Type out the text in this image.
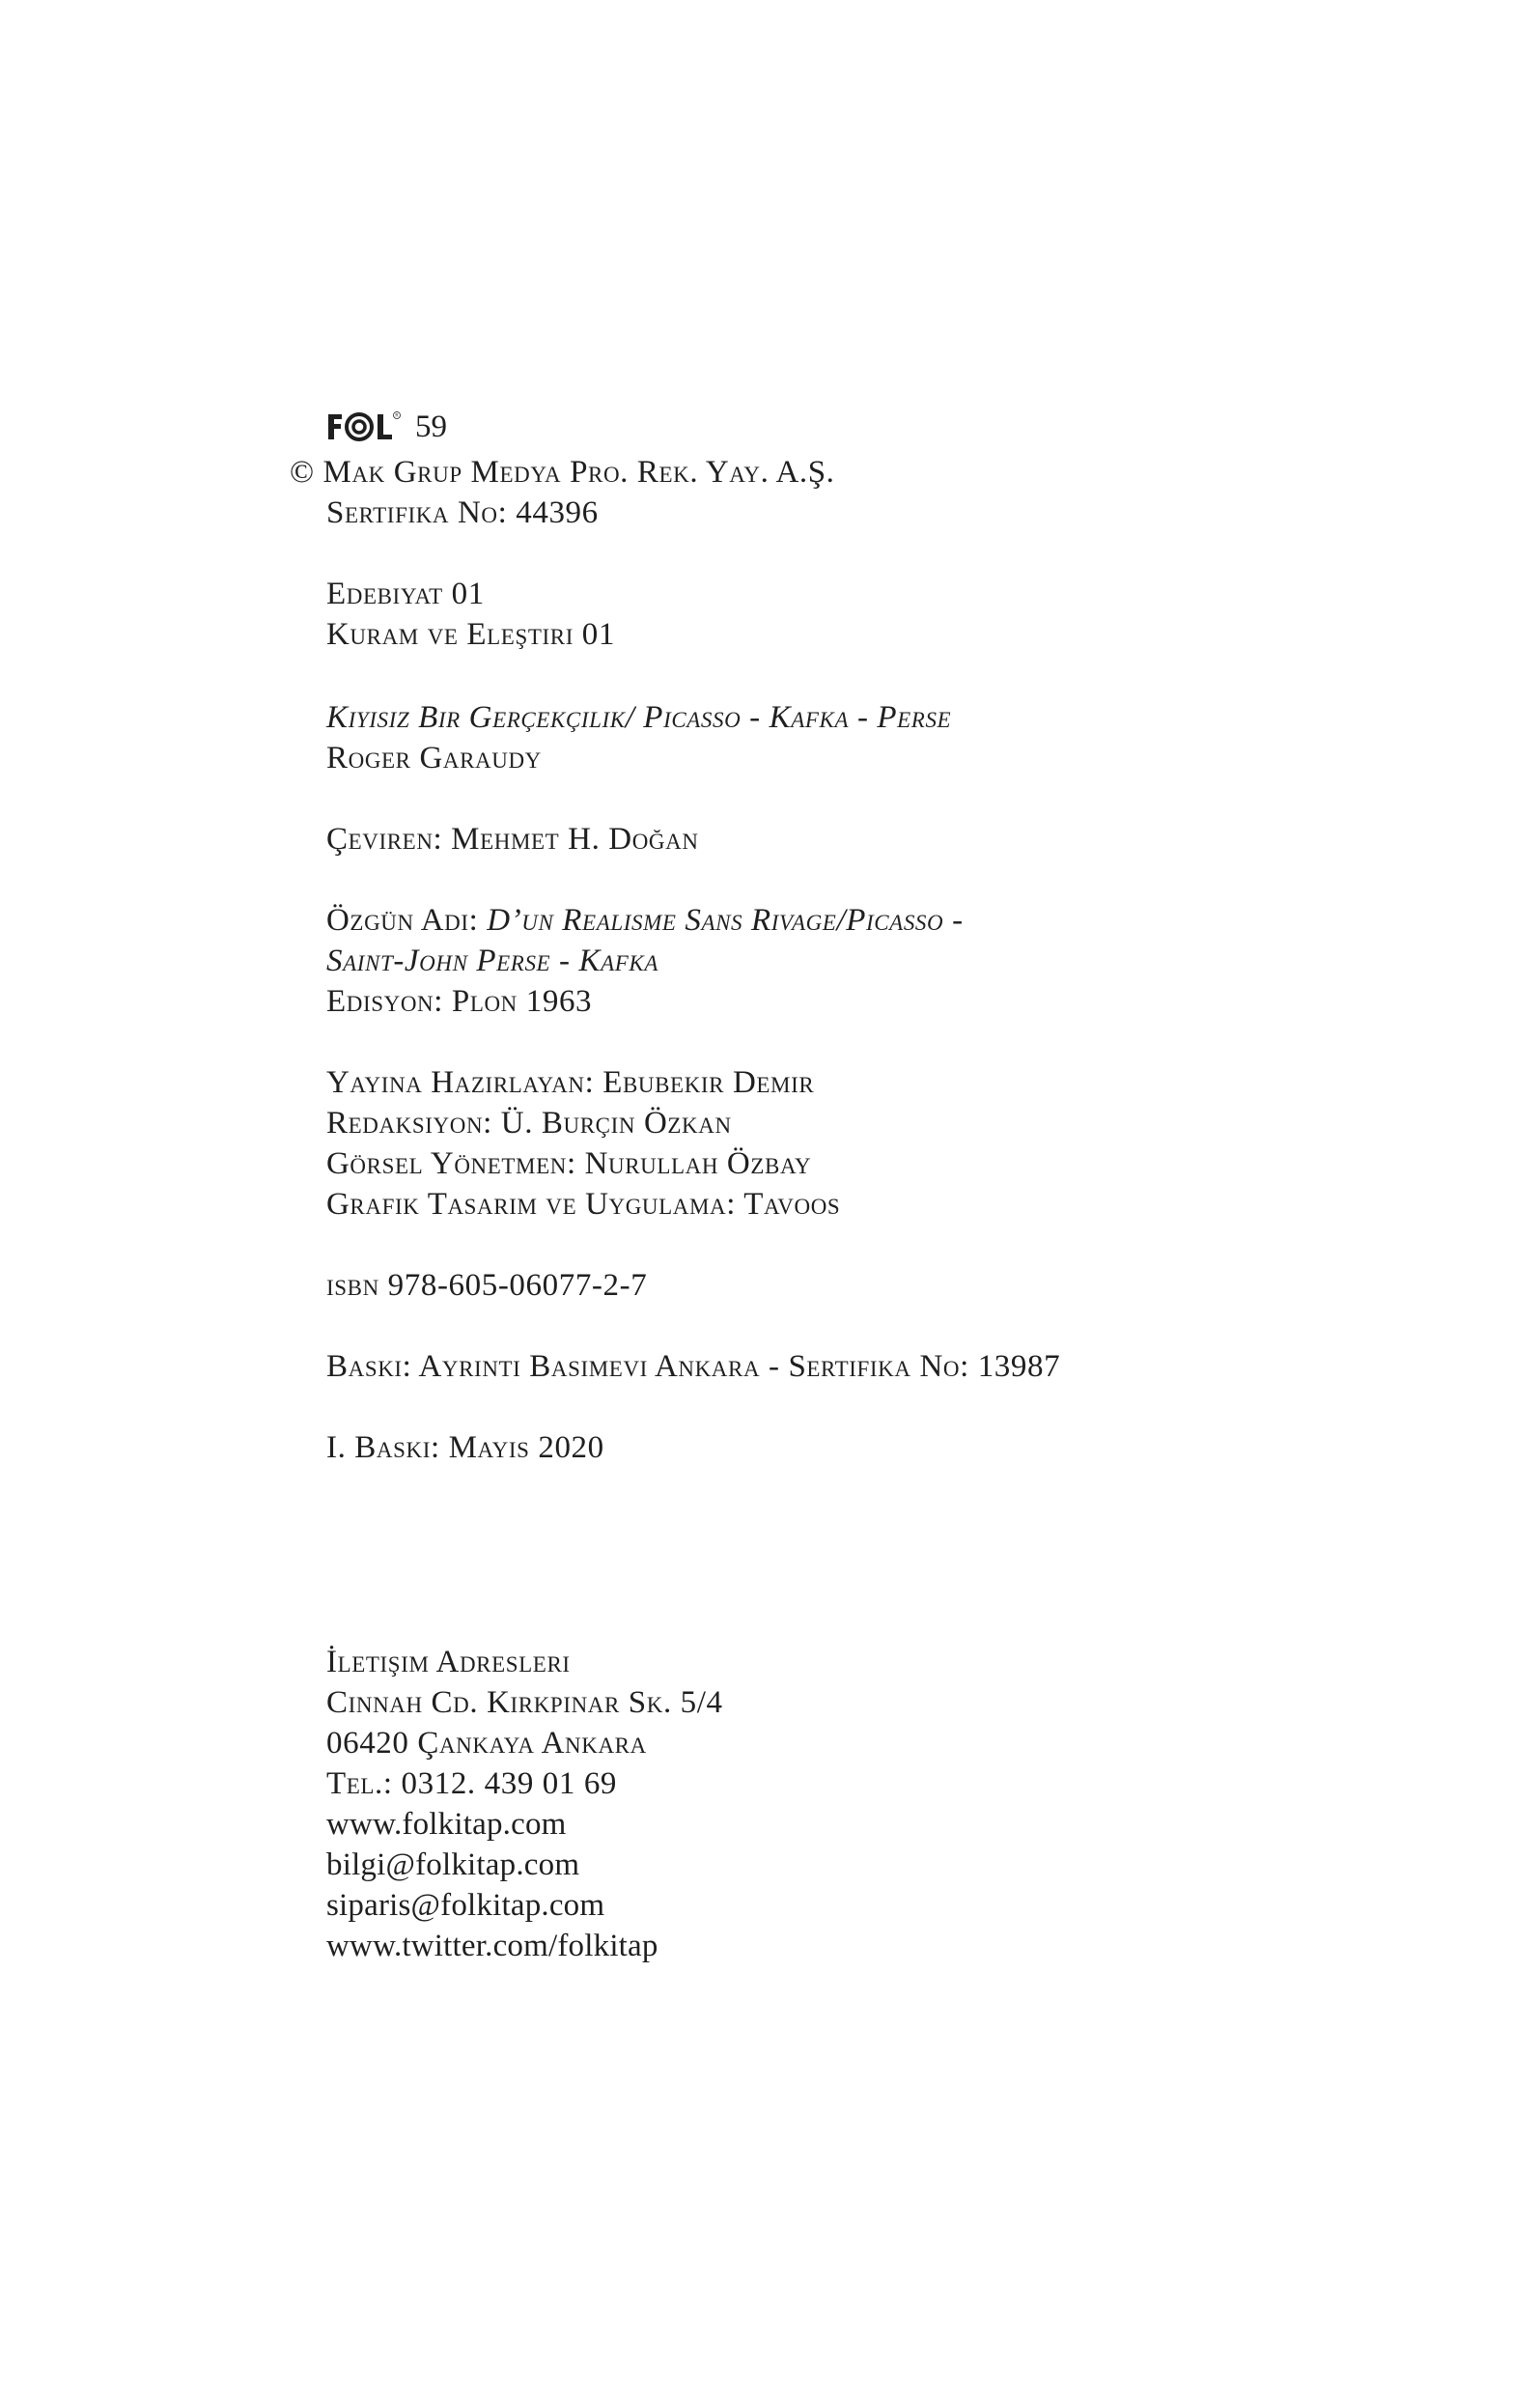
R 59
© Mak Grup Medya Pro. Rek. Yay. A.Ş.
Sertifika No: 44396
Edebiyat 01
Kuram ve Eleştiri 01
Kıyısız Bir Gerçekçilik/ Picasso - Kafka - Perse
Roger Garaudy
Çeviren: Mehmet H. Doğan
Özgün Adı: D’un Realisme Sans Rivage/Picasso -
Saint-John Perse - Kafka
Edisyon: Plon 1963
Yayına Hazırlayan: Ebubekir Demir
Redaksiyon: Ü. Burçin Özkan
Görsel Yönetmen: Nurullah Özbay
Grafik Tasarım ve Uygulama: Tavoos
isbn 978-605-06077-2-7
Baskı: Ayrıntı Basımevi Ankara - Sertifika No: 13987
I. Baskı: Mayıs 2020
İletişim Adresleri
Cinnah Cd. Kırkpınar Sk. 5/4
06420 Çankaya Ankara
Tel.: 0312. 439 01 69
www.folkitap.com
bilgi@folkitap.com
siparis@folkitap.com
www.twitter.com/folkitap
